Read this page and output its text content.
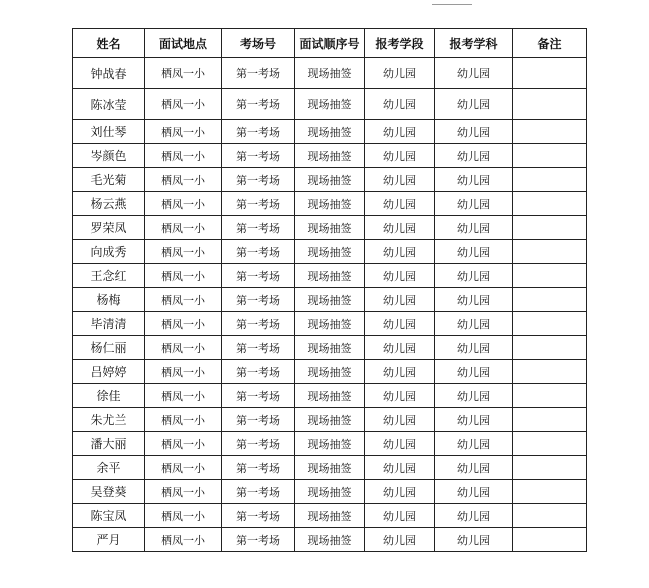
姓名	面试地点	考场号	面试顺序号	报考学段	报考学科	备注
钟战春	栖凤一小	第一考场	现场抽签	幼儿园	幼儿园	
陈冰莹	栖凤一小	第一考场	现场抽签	幼儿园	幼儿园	
刘仕琴	栖凤一小	第一考场	现场抽签	幼儿园	幼儿园	
岑颜色	栖凤一小	第一考场	现场抽签	幼儿园	幼儿园	
毛光菊	栖凤一小	第一考场	现场抽签	幼儿园	幼儿园	
杨云燕	栖凤一小	第一考场	现场抽签	幼儿园	幼儿园	
罗荣凤	栖凤一小	第一考场	现场抽签	幼儿园	幼儿园	
向成秀	栖凤一小	第一考场	现场抽签	幼儿园	幼儿园	
王念红	栖凤一小	第一考场	现场抽签	幼儿园	幼儿园	
杨梅	栖凤一小	第一考场	现场抽签	幼儿园	幼儿园	
毕清清	栖凤一小	第一考场	现场抽签	幼儿园	幼儿园	
杨仁丽	栖凤一小	第一考场	现场抽签	幼儿园	幼儿园	
吕婷婷	栖凤一小	第一考场	现场抽签	幼儿园	幼儿园	
徐佳	栖凤一小	第一考场	现场抽签	幼儿园	幼儿园	
朱尤兰	栖凤一小	第一考场	现场抽签	幼儿园	幼儿园	
潘大丽	栖凤一小	第一考场	现场抽签	幼儿园	幼儿园	
余平	栖凤一小	第一考场	现场抽签	幼儿园	幼儿园	
吴登葵	栖凤一小	第一考场	现场抽签	幼儿园	幼儿园	
陈宝凤	栖凤一小	第一考场	现场抽签	幼儿园	幼儿园	
严月	栖凤一小	第一考场	现场抽签	幼儿园	幼儿园	
